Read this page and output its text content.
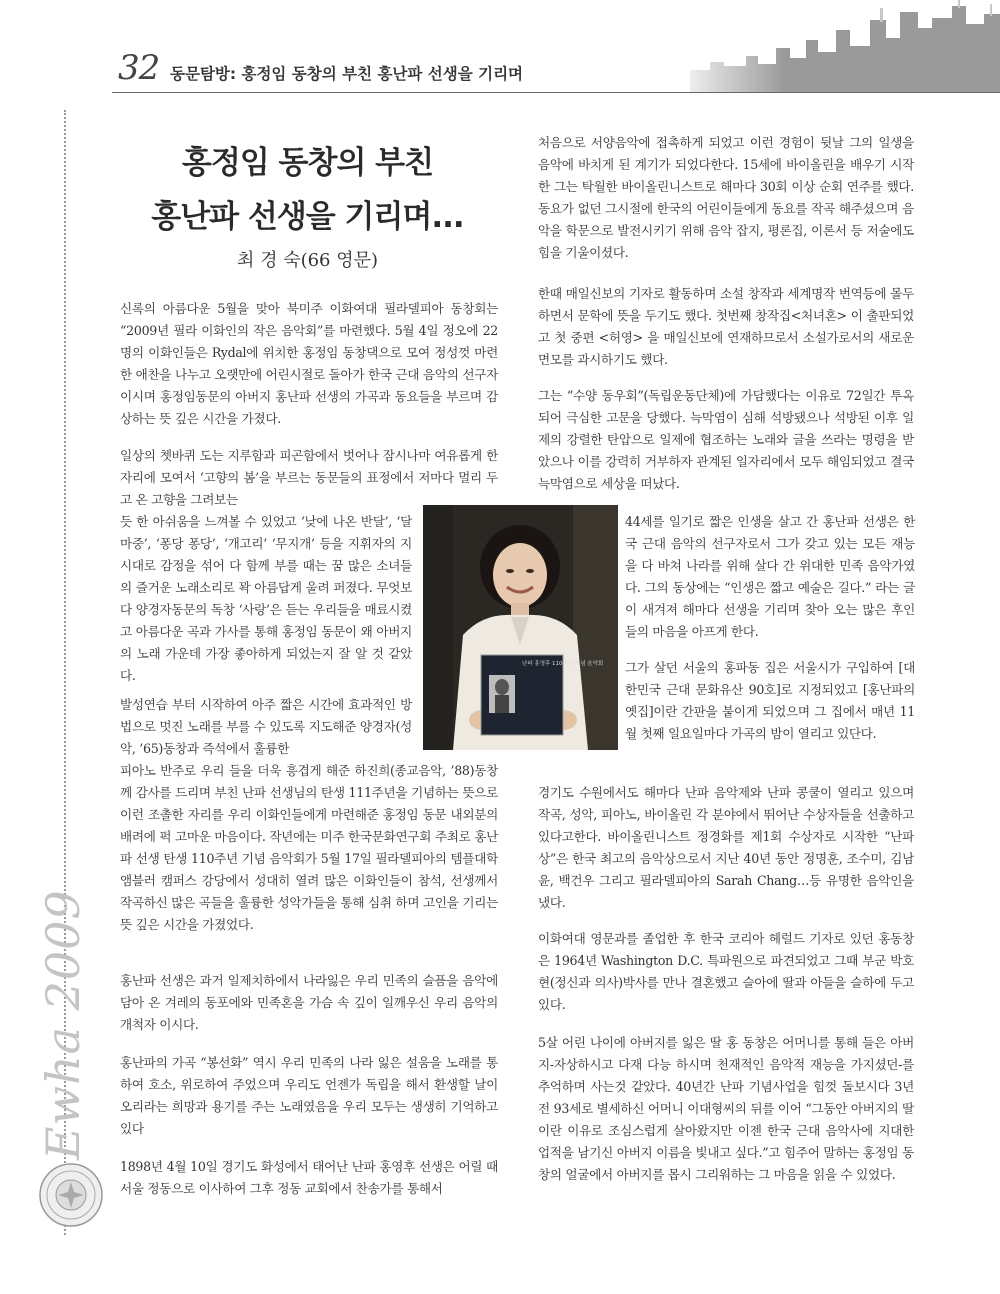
32 동문탐방: 홍정임 동창의 부친 홍난파 선생을 기리며
Ewha 2009
홍정임 동창의 부친
홍난파 선생을 기리며...
최 경 숙(66 영문)

신록의 아름다운 5월을 맞아 북미주 이화여대 필라델피아 동창회는 “2009년 필라 이화인의 작은 음악회”를 마련했다. 5월 4일 정오에 22명의 이화인들은 Rydal에 위치한 홍정임 동창댁으로 모여 정성껏 마련한 애찬을 나누고 오랫만에 어린시절로 돌아가 한국 근대 음악의 선구자이시며 홍정임동문의 아버지 홍난파 선생의 가곡과 동요들을 부르며 감상하는 뜻 깊은 시간을 가졌다.

일상의 쳇바퀴 도는 지루함과 피곤함에서 벗어나 잠시나마 여유롭게 한자리에 모여서 ‘고향의 봄’을 부르는 동문들의 표정에서 저마다 멀리 두고 온 고향을 그려보는

듯 한 아쉬움을 느껴볼 수 있었고 ‘낮에 나온 반달’, ‘달 마중’, ‘퐁당 퐁당’, ‘개고리’ ‘무지개’ 등을 지휘자의 지시대로 감정을 섞어 다 함께 부를 때는 꿈 많은 소녀들의 즐거운 노래소리로 꽉 아름답게 울려 퍼졌다. 무엇보다 양경자동문의 독창 ‘사랑’은 듣는 우리들을 매료시켰고 아름다운 곡과 가사를 통해 홍정임 동문이 왜 아버지의 노래 가운데 가장 좋아하게 되었는지 잘 알 것 같았다.

발성연습 부터 시작하여 아주 짧은 시간에 효과적인 방법으로 멋진 노래를 부를 수 있도록 지도해준 양경자(성악, ’65)동창과 즉석에서 훌륭한

피아노 반주로 우리 들을 더욱 흥겹게 해준 하진희(종교음악, ’88)동창께 감사를 드리며 부친 난파 선생님의 탄생 111주년을 기념하는 뜻으로 이런 조촐한 자리를 우리 이화인들에게 마련해준 홍정임 동문 내외분의 배려에 퍽 고마운 마음이다. 작년에는 미주 한국문화연구회 주최로 홍난파 선생 탄생 110주년 기념 음악회가 5월 17일 필라델피아의 템플대학 앰블러 캠퍼스 강당에서 성대히 열려 많은 이화인들이 참석, 선생께서 작곡하신 많은 곡들을 훌륭한 성악가들을 통해 심취 하며 고인을 기리는 뜻 깊은 시간을 가졌었다.

홍난파 선생은 과거 일제치하에서 나라잃은 우리 민족의 슬픔을 음악에 담아 온 겨레의 동포에와 민족혼을 가슴 속 깊이 일깨우신 우리 음악의 개척자 이시다.

홍난파의 가곡 “봉선화” 역시 우리 민족의 나라 잃은 설움을 노래를 통하여 호소, 위로하여 주었으며 우리도 언젠가 독립을 해서 환생할 날이 오리라는 희망과 용기를 주는 노래였음을 우리 모두는 생생히 기억하고 있다

1898년 4월 10일 경기도 화성에서 태어난 난파 홍영후 선생은 어릴 때 서울 정동으로 이사하여 그후 정동 교회에서 찬송가를 통해서

처음으로 서양음악에 접촉하게 되었고 이런 경험이 뒷날 그의 일생을 음악에 바치게 된 계기가 되었다한다. 15세에 바이올린을 배우기 시작한 그는 탁월한 바이올린니스트로 해마다 30회 이상 순회 연주를 했다. 동요가 없던 그시절에 한국의 어린이들에게 동요를 작곡 해주셨으며 음악을 학문으로 발전시키기 위해 음악 잡지, 평론집, 이론서 등 저술에도 힘을 기울이셨다.

한때 매일신보의 기자로 활동하며 소설 창작과 세계명작 번역등에 몰두하면서 문학에 뜻을 두기도 했다. 첫번째 창작집<처녀혼> 이 출판되었고 첫 중편 <허영> 을 매일신보에 연재하므로서 소설가로서의 새로운 면모를 과시하기도 했다.

그는 “수양 동우회”(독립운동단체)에 가담했다는 이유로 72일간 투옥되어 극심한 고문을 당했다. 늑막염이 심해 석방됐으나 석방된 이후 일제의 강렬한 탄압으로 일제에 협조하는 노래와 글을 쓰라는 명령을 받았으나 이를 강력히 거부하자 관계된 일자리에서 모두 해임되었고 결국 늑막염으로 세상을 떠났다.

44세를 일기로 짧은 인생을 살고 간 홍난파 선생은 한국 근대 음악의 선구자로서 그가 갖고 있는 모든 재능을 다 바쳐 나라를 위해 살다 간 위대한 민족 음악가였다. 그의 동상에는 “인생은 짧고 예술은 길다.” 라는 글이 새겨져 해마다 선생을 기리며 찾아 오는 많은 후인들의 마음을 아프게 한다.

그가 살던 서울의 홍파동 집은 서울시가 구입하여 [대한민국 근대 문화유산 90호]로 지정되었고 [홍난파의 옛집]이란 간판을 붙이게 되었으며 그 집에서 매년 11월 첫째 일요일마다 가곡의 밤이 열리고 있단다.

경기도 수원에서도 해마다 난파 음악제와 난파 콩쿨이 열리고 있으며 작곡, 성악, 피아노, 바이올린 각 분야에서 뛰어난 수상자들을 선출하고 있다고한다. 바이올린니스트 정경화를 제1회 수상자로 시작한 “난파상”은 한국 최고의 음악상으로서 지난 40년 동안 정명훈, 조수미, 김남윤, 백건우 그리고 필라델피아의 Sarah Chang…등 유명한 음악인을 냈다.

이화여대 영문과를 졸업한 후 한국 코리아 헤럴드 기자로 있던 홍동창은 1964년 Washington D.C. 특파원으로 파견되었고 그때 부군 박호현(정신과 의사)박사를 만나 결혼했고 슬아에 딸과 아들을 슬하에 두고 있다.

5살 어린 나이에 아버지를 잃은 딸 홍 동창은 어머니를 통해 들은 아버지-자상하시고 다재 다능 하시며 천재적인 음악적 재능을 가지셨던-를 추억하며 사는것 같았다. 40년간 난파 기념사업을 힘껏 돌보시다 3년전 93세로 별세하신 어머니 이대형씨의 뒤를 이어 “그동안 아버지의 딸이란 이유로 조심스럽게 살아왔지만 이젠 한국 근대 음악사에 지대한 업적을 남기신 아버지 이름을 빛내고 싶다.”고 힘주어 말하는 홍정임 동창의 얼굴에서 아버지를 몹시 그리워하는 그 마음을 읽을 수 있었다.

난파 홍영후 110주년 기념 음악회
